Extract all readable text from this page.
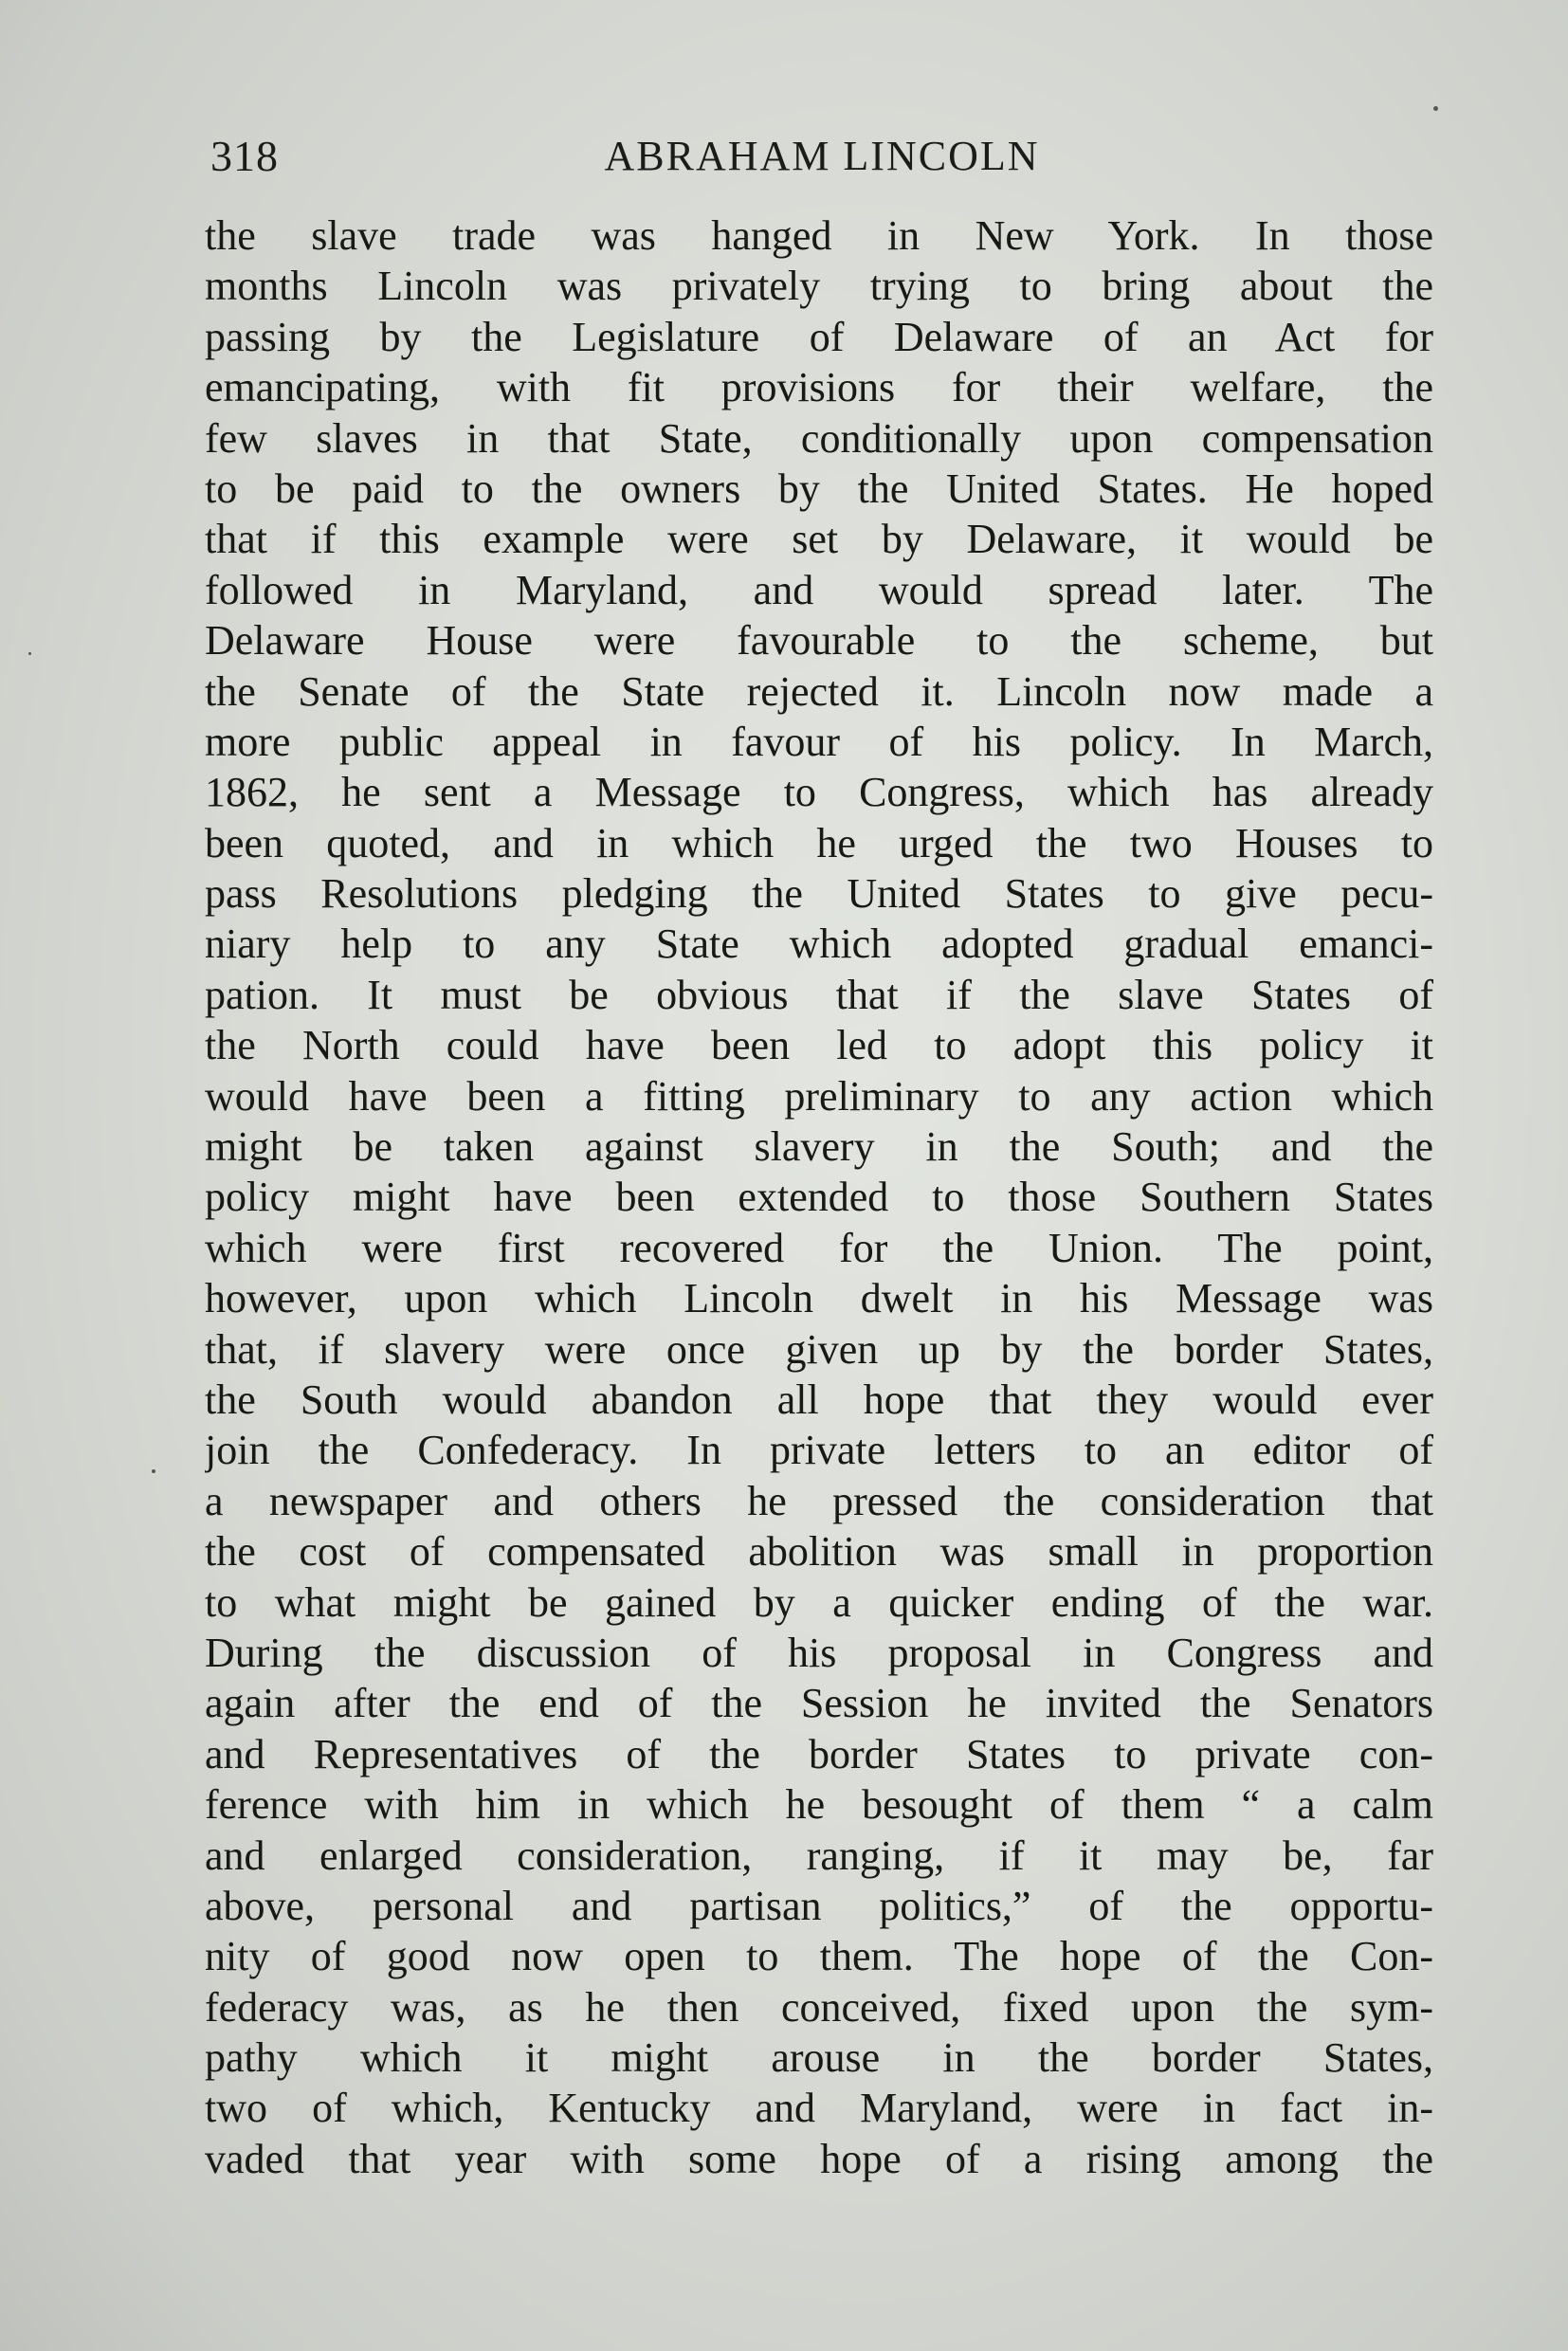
318	ABRAHAM LINCOLN
the slave trade was hanged in New York. In those
months Lincoln was privately trying to bring about the
passing by the Legislature of Delaware of an Act for
emancipating, with fit provisions for their welfare, the
few slaves in that State, conditionally upon compensation
to be paid to the owners by the United States. He hoped
that if this example were set by Delaware, it would be
followed in Maryland, and would spread later. The
Delaware House were favourable to the scheme, but
the Senate of the State rejected it. Lincoln now made a
more public appeal in favour of his policy. In March,
1862, he sent a Message to Congress, which has already
been quoted, and in which he urged the two Houses to
pass Resolutions pledging the United States to give pecu-
niary help to any State which adopted gradual emanci-
pation. It must be obvious that if the slave States of
the North could have been led to adopt this policy it
would have been a fitting preliminary to any action which
might be taken against slavery in the South; and the
policy might have been extended to those Southern States
which were first recovered for the Union. The point,
however, upon which Lincoln dwelt in his Message was
that, if slavery were once given up by the border States,
the South would abandon all hope that they would ever
join the Confederacy. In private letters to an editor of
a newspaper and others he pressed the consideration that
the cost of compensated abolition was small in proportion
to what might be gained by a quicker ending of the war.
During the discussion of his proposal in Congress and
again after the end of the Session he invited the Senators
and Representatives of the border States to private con-
ference with him in which he besought of them “ a calm
and enlarged consideration, ranging, if it may be, far
above, personal and partisan politics,” of the opportu-
nity of good now open to them. The hope of the Con-
federacy was, as he then conceived, fixed upon the sym-
pathy which it might arouse in the border States,
two of which, Kentucky and Maryland, were in fact in-
vaded that year with some hope of a rising among the
